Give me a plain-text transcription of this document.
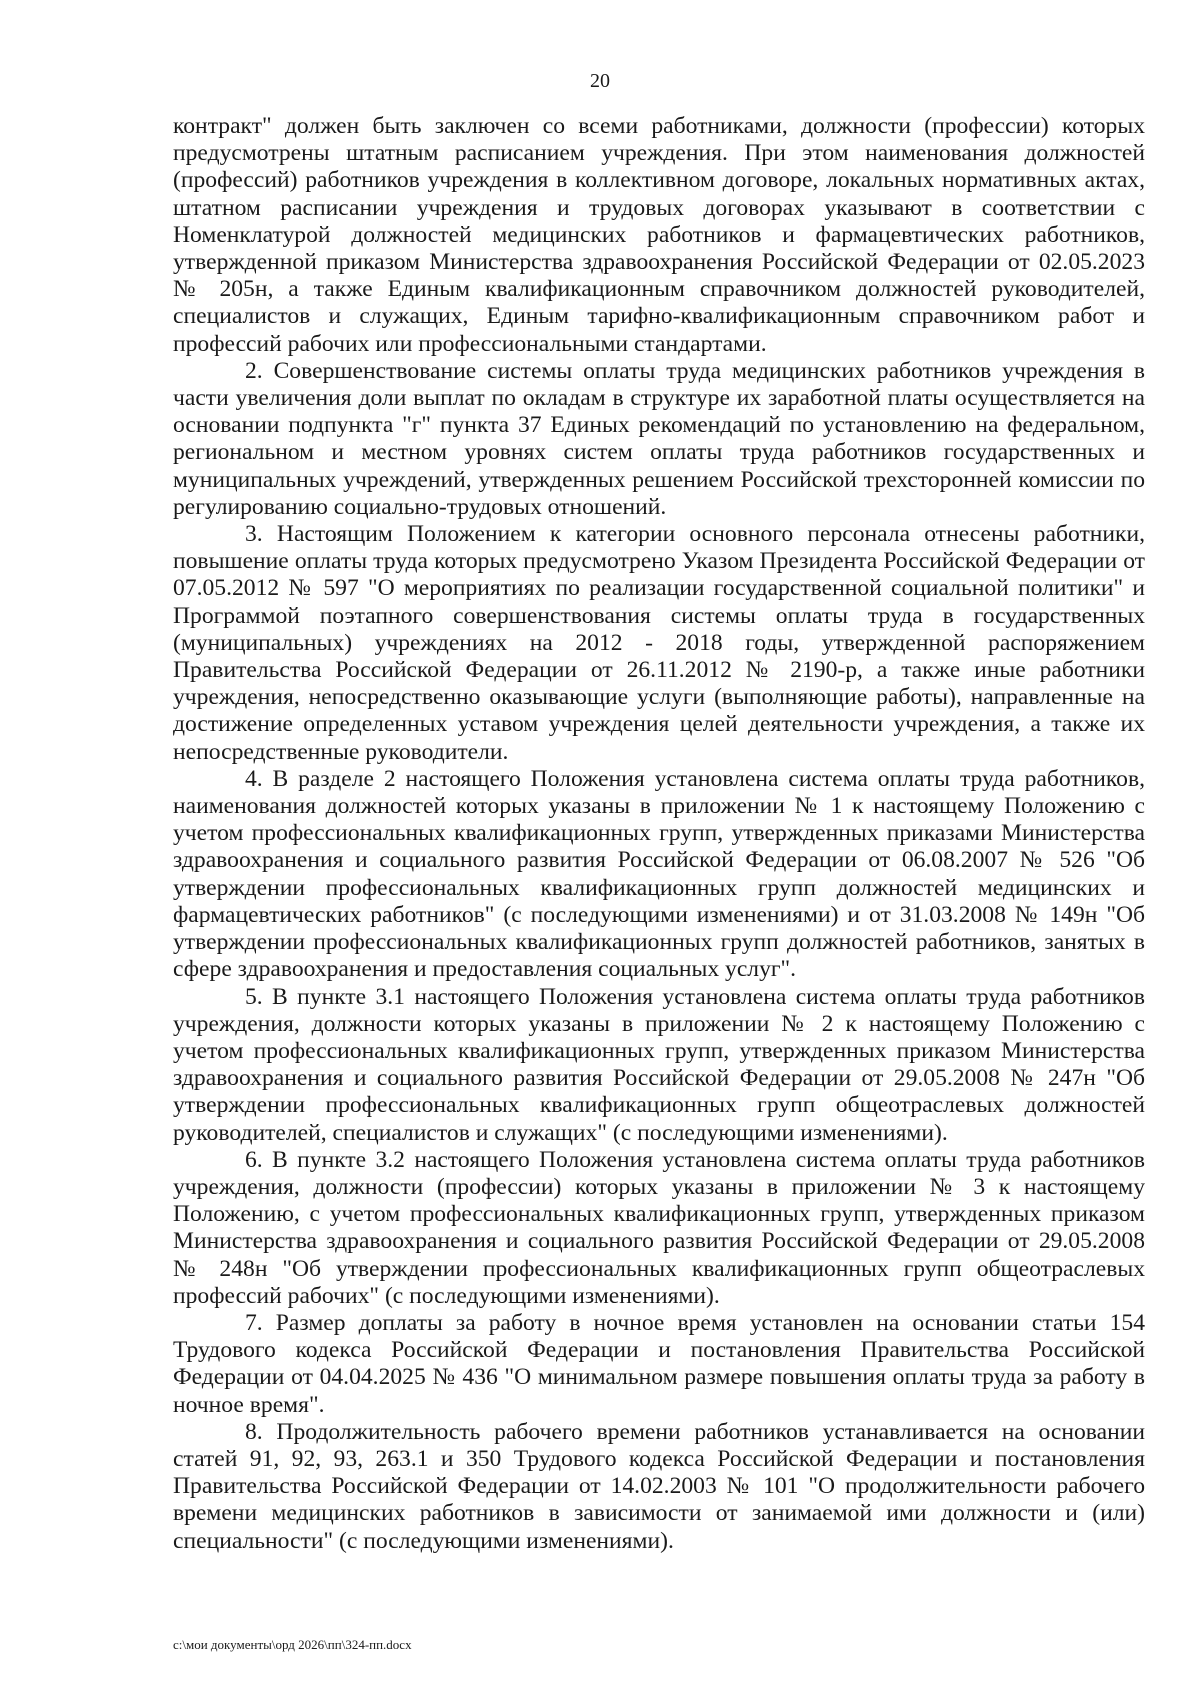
20

контракт" должен быть заключен со всеми работниками, должности (профессии) которых предусмотрены штатным расписанием учреждения. При этом наименования должностей (профессий) работников учреждения в коллективном договоре, локальных нормативных актах, штатном расписании учреждения и трудовых договорах указывают в соответствии с Номенклатурой должностей медицинских работников и фармацевтических работников, утвержденной приказом Министерства здравоохранения Российской Федерации от 02.05.2023 № 205н, а также Единым квалификационным справочником должностей руководителей, специалистов и служащих, Единым тарифно-квалификационным справочником работ и профессий рабочих или профессиональными стандартами.

2. Совершенствование системы оплаты труда медицинских работников учреждения в части увеличения доли выплат по окладам в структуре их заработной платы осуществляется на основании подпункта "г" пункта 37 Единых рекомендаций по установлению на федеральном, региональном и местном уровнях систем оплаты труда работников государственных и муниципальных учреждений, утвержденных решением Российской трехсторонней комиссии по регулированию социально-трудовых отношений.

3. Настоящим Положением к категории основного персонала отнесены работники, повышение оплаты труда которых предусмотрено Указом Президента Российской Федерации от 07.05.2012 № 597 "О мероприятиях по реализации государственной социальной политики" и Программой поэтапного совершенствования системы оплаты труда в государственных (муниципальных) учреждениях на 2012 - 2018 годы, утвержденной распоряжением Правительства Российской Федерации от 26.11.2012 № 2190-р, а также иные работники учреждения, непосредственно оказывающие услуги (выполняющие работы), направленные на достижение определенных уставом учреждения целей деятельности учреждения, а также их непосредственные руководители.

4. В разделе 2 настоящего Положения установлена система оплаты труда работников, наименования должностей которых указаны в приложении № 1 к настоящему Положению с учетом профессиональных квалификационных групп, утвержденных приказами Министерства здравоохранения и социального развития Российской Федерации от 06.08.2007 № 526 "Об утверждении профессиональных квалификационных групп должностей медицинских и фармацевтических работников" (с последующими изменениями) и от 31.03.2008 № 149н "Об утверждении профессиональных квалификационных групп должностей работников, занятых в сфере здравоохранения и предоставления социальных услуг".

5. В пункте 3.1 настоящего Положения установлена система оплаты труда работников учреждения, должности которых указаны в приложении № 2 к настоящему Положению с учетом профессиональных квалификационных групп, утвержденных приказом Министерства здравоохранения и социального развития Российской Федерации от 29.05.2008 № 247н "Об утверждении профессиональных квалификационных групп общеотраслевых должностей руководителей, специалистов и служащих" (с последующими изменениями).

6. В пункте 3.2 настоящего Положения установлена система оплаты труда работников учреждения, должности (профессии) которых указаны в приложении № 3 к настоящему Положению, с учетом профессиональных квалификационных групп, утвержденных приказом Министерства здравоохранения и социального развития Российской Федерации от 29.05.2008 № 248н "Об утверждении профессиональных квалификационных групп общеотраслевых профессий рабочих" (с последующими изменениями).

7. Размер доплаты за работу в ночное время установлен на основании статьи 154 Трудового кодекса Российской Федерации и постановления Правительства Российской Федерации от 04.04.2025 № 436 "О минимальном размере повышения оплаты труда за работу в ночное время".

8. Продолжительность рабочего времени работников устанавливается на основании статей 91, 92, 93, 263.1 и 350 Трудового кодекса Российской Федерации и постановления Правительства Российской Федерации от 14.02.2003 № 101 "О продолжительности рабочего времени медицинских работников в зависимости от занимаемой ими должности и (или) специальности" (с последующими изменениями).

c:\мои документы\орд 2026\пп\324-пп.docx
